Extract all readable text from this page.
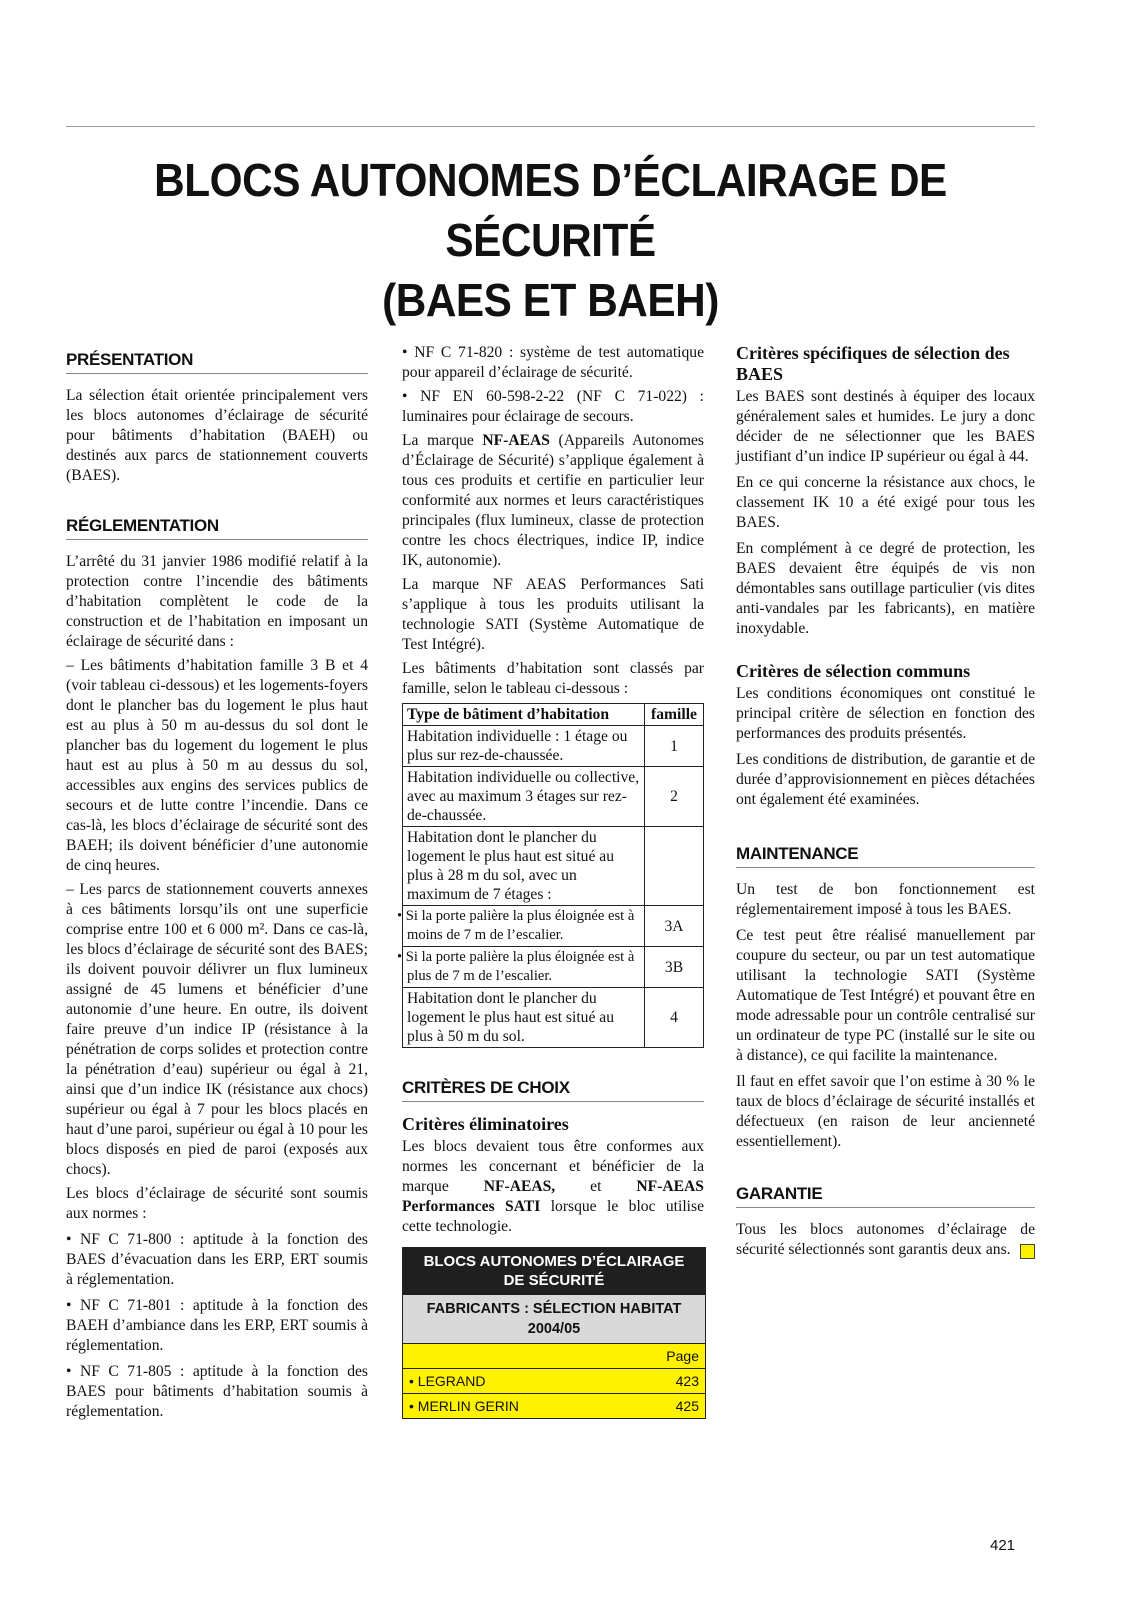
BLOCS AUTONOMES D’ÉCLAIRAGE DE SÉCURITÉ
(BAES ET BAEH)
PRÉSENTATION

La sélection était orientée principalement vers les blocs autonomes d’éclairage de sécurité pour bâtiments d’habitation (BAEH) ou destinés aux parcs de stationnement couverts (BAES).

RÉGLEMENTATION

L’arrêté du 31 janvier 1986 modifié relatif à la protection contre l’incendie des bâtiments d’habitation complètent le code de la construction et de l’habitation en imposant un éclairage de sécurité dans :

– Les bâtiments d’habitation famille 3 B et 4 (voir tableau ci-dessous) et les logements-foyers dont le plancher bas du logement le plus haut est au plus à 50 m au-dessus du sol dont le plancher bas du logement du logement le plus haut est au plus à 50 m au dessus du sol, accessibles aux engins des services publics de secours et de lutte contre l’incendie. Dans ce cas-là, les blocs d’éclairage de sécurité sont des BAEH; ils doivent bénéficier d’une autonomie de cinq heures.

– Les parcs de stationnement couverts annexes à ces bâtiments lorsqu’ils ont une superficie comprise entre 100 et 6 000 m². Dans ce cas-là, les blocs d’éclairage de sécurité sont des BAES; ils doivent pouvoir délivrer un flux lumineux assigné de 45 lumens et bénéficier d’une autonomie d’une heure. En outre, ils doivent faire preuve d’un indice IP (résistance à la pénétration de corps solides et protection contre la pénétration d’eau) supérieur ou égal à 21, ainsi que d’un indice IK (résistance aux chocs) supérieur ou égal à 7 pour les blocs placés en haut d’une paroi, supérieur ou égal à 10 pour les blocs disposés en pied de paroi (exposés aux chocs).

Les blocs d’éclairage de sécurité sont soumis aux normes :

• NF C 71-800 : aptitude à la fonction des BAES d’évacuation dans les ERP, ERT soumis à réglementation.

• NF C 71-801 : aptitude à la fonction des BAEH d’ambiance dans les ERP, ERT soumis à réglementation.

• NF C 71-805 : aptitude à la fonction des BAES pour bâtiments d’habitation soumis à réglementation.

• NF C 71-820 : système de test automatique pour appareil d’éclairage de sécurité.

• NF EN 60-598-2-22 (NF C 71-022) : luminaires pour éclairage de secours.

La marque NF-AEAS (Appareils Autonomes d’Éclairage de Sécurité) s’applique également à tous ces produits et certifie en particulier leur conformité aux normes et leurs caractéristiques principales (flux lumineux, classe de protection contre les chocs électriques, indice IP, indice IK, autonomie).

La marque NF AEAS Performances Sati s’applique à tous les produits utilisant la technologie SATI (Système Automatique de Test Intégré).

Les bâtiments d’habitation sont classés par famille, selon le tableau ci-dessous :

Type de bâtiment d’habitation	famille
Habitation individuelle : 1 étage ou plus sur rez-de-chaussée.	1
Habitation individuelle ou collective, avec au maximum 3 étages sur rez-de-chaussée.	2
Habitation dont le plancher du logement le plus haut est situé au plus à 28 m du sol, avec un maximum de 7 étages :	
• Si la porte palière la plus éloignée est à moins de 7 m de l’escalier.	3A
• Si la porte palière la plus éloignée est à plus de 7 m de l’escalier.	3B
Habitation dont le plancher du logement le plus haut est situé au plus à 50 m du sol.	4
CRITÈRES DE CHOIX
Critères éliminatoires

Les blocs devaient tous être conformes aux normes les concernant et bénéficier de la marque NF-AEAS, et NF-AEAS Performances SATI lorsque le bloc utilise cette technologie.

BLOCS AUTONOMES D’ÉCLAIRAGE
DE SÉCURITÉ
FABRICANTS : SÉLECTION HABITAT 2004/05
Page
• LEGRAND	423
• MERLIN GERIN	425
Critères spécifiques de sélection des BAES

Les BAES sont destinés à équiper des locaux généralement sales et humides. Le jury a donc décider de ne sélectionner que les BAES justifiant d’un indice IP supérieur ou égal à 44.

En ce qui concerne la résistance aux chocs, le classement IK 10 a été exigé pour tous les BAES.

En complément à ce degré de protection, les BAES devaient être équipés de vis non démontables sans outillage particulier (vis dites anti-vandales par les fabricants), en matière inoxydable.

Critères de sélection communs

Les conditions économiques ont constitué le principal critère de sélection en fonction des performances des produits présentés.

Les conditions de distribution, de garantie et de durée d’approvisionnement en pièces détachées ont également été examinées.

MAINTENANCE

Un test de bon fonctionnement est réglementairement imposé à tous les BAES.

Ce test peut être réalisé manuellement par coupure du secteur, ou par un test automatique utilisant la technologie SATI (Système Automatique de Test Intégré) et pouvant être en mode adressable pour un contrôle centralisé sur un ordinateur de type PC (installé sur le site ou à distance), ce qui facilite la maintenance.

Il faut en effet savoir que l’on estime à 30 % le taux de blocs d’éclairage de sécurité installés et défectueux (en raison de leur ancienneté essentiellement).

GARANTIE

Tous les blocs autonomes d’éclairage de sécurité sélectionnés sont garantis deux ans.

421
